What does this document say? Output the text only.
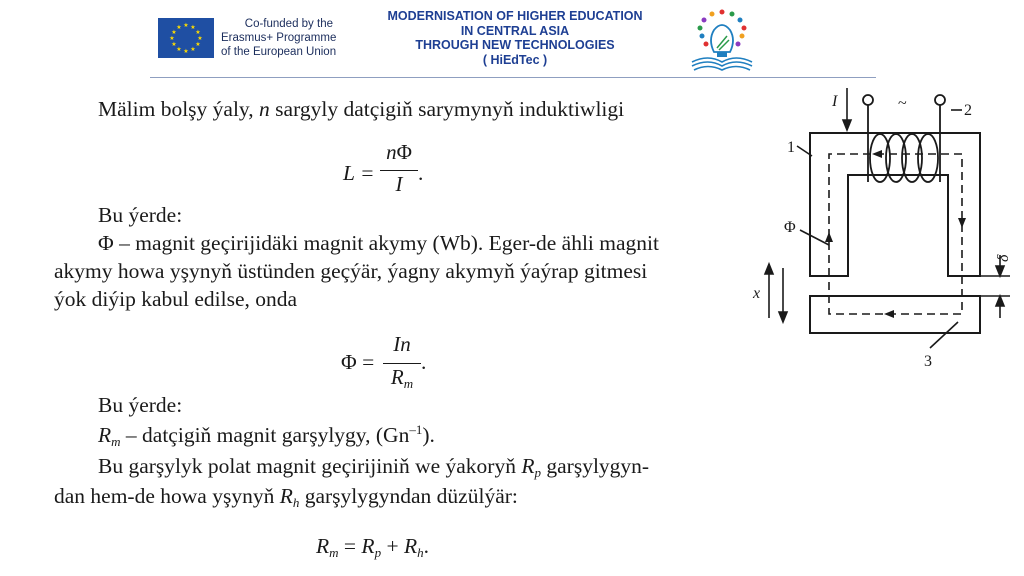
★ ★
★
★
★
★
★
★
★
★
★
★	Co-funded by the
Erasmus+ Programme
of the European Union
MODERNISATION OF HIGHER EDUCATION
IN CENTRAL ASIA
THROUGH NEW TECHNOLOGIES
( HiEdTec )
Mälim bolşy ýaly, n sargyly datçigiň sarymynyň induktiwligi
L =
nΦ
I .
Bu ýerde:
Φ – magnit geçirijidäki magnit akymy (Wb). Eger-de ähli magnit
akymy howa yşynyň üstünden geçýär, ýagny akymyň ýaýrap gitmesi
ýok diýip kabul edilse, onda
Φ =
In
$R_m$
.
Bu ýerde:
$R_m$ – datçigiň magnit garşylygy, $(Gn^{-1})$.
Bu garşylyk polat magnit geçirijiniň we ýakoryň $R_p$ garşylygyn-
dan hem-de howa yşynyň $R_h$ garşylygyndan düzülýär:
$R_m = R_p + R_h$.
I	~	2
1
Φ
δ
x
3
